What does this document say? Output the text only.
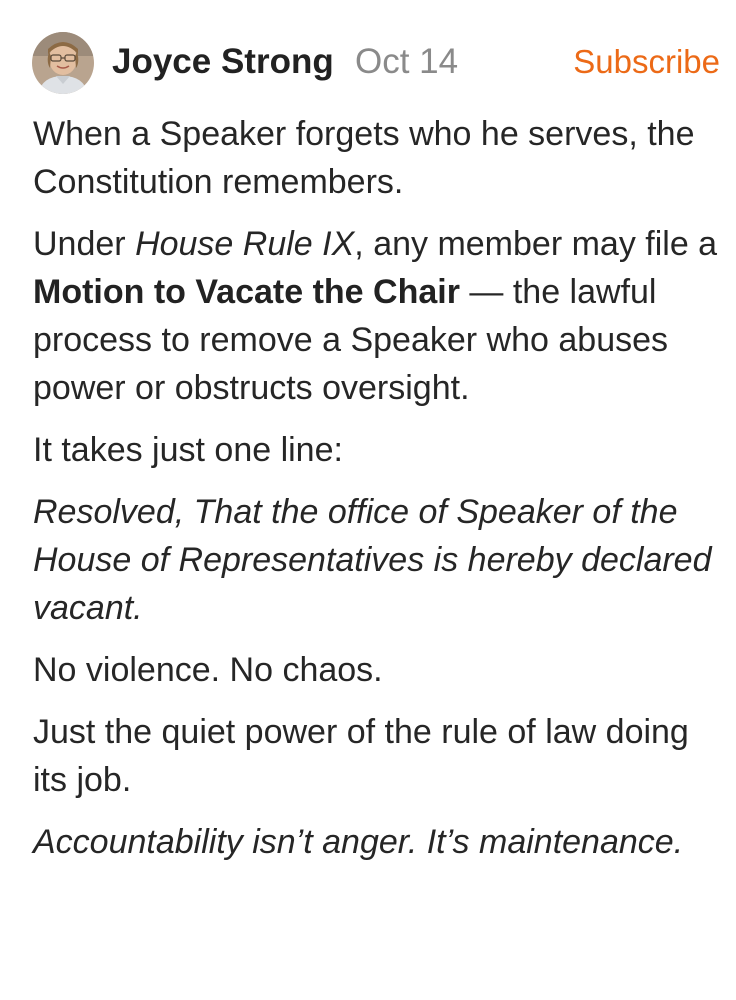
Joyce Strong Oct 14	Subscribe

When a Speaker forgets who he serves, the Constitution remembers.

Under House Rule IX, any member may file a Motion to Vacate the Chair — the lawful process to remove a Speaker who abuses power or obstructs oversight.

It takes just one line:

Resolved, That the office of Speaker of the House of Representatives is hereby declared vacant.

No violence. No chaos.

Just the quiet power of the rule of law doing its job.

Accountability isn’t anger. It’s maintenance.
